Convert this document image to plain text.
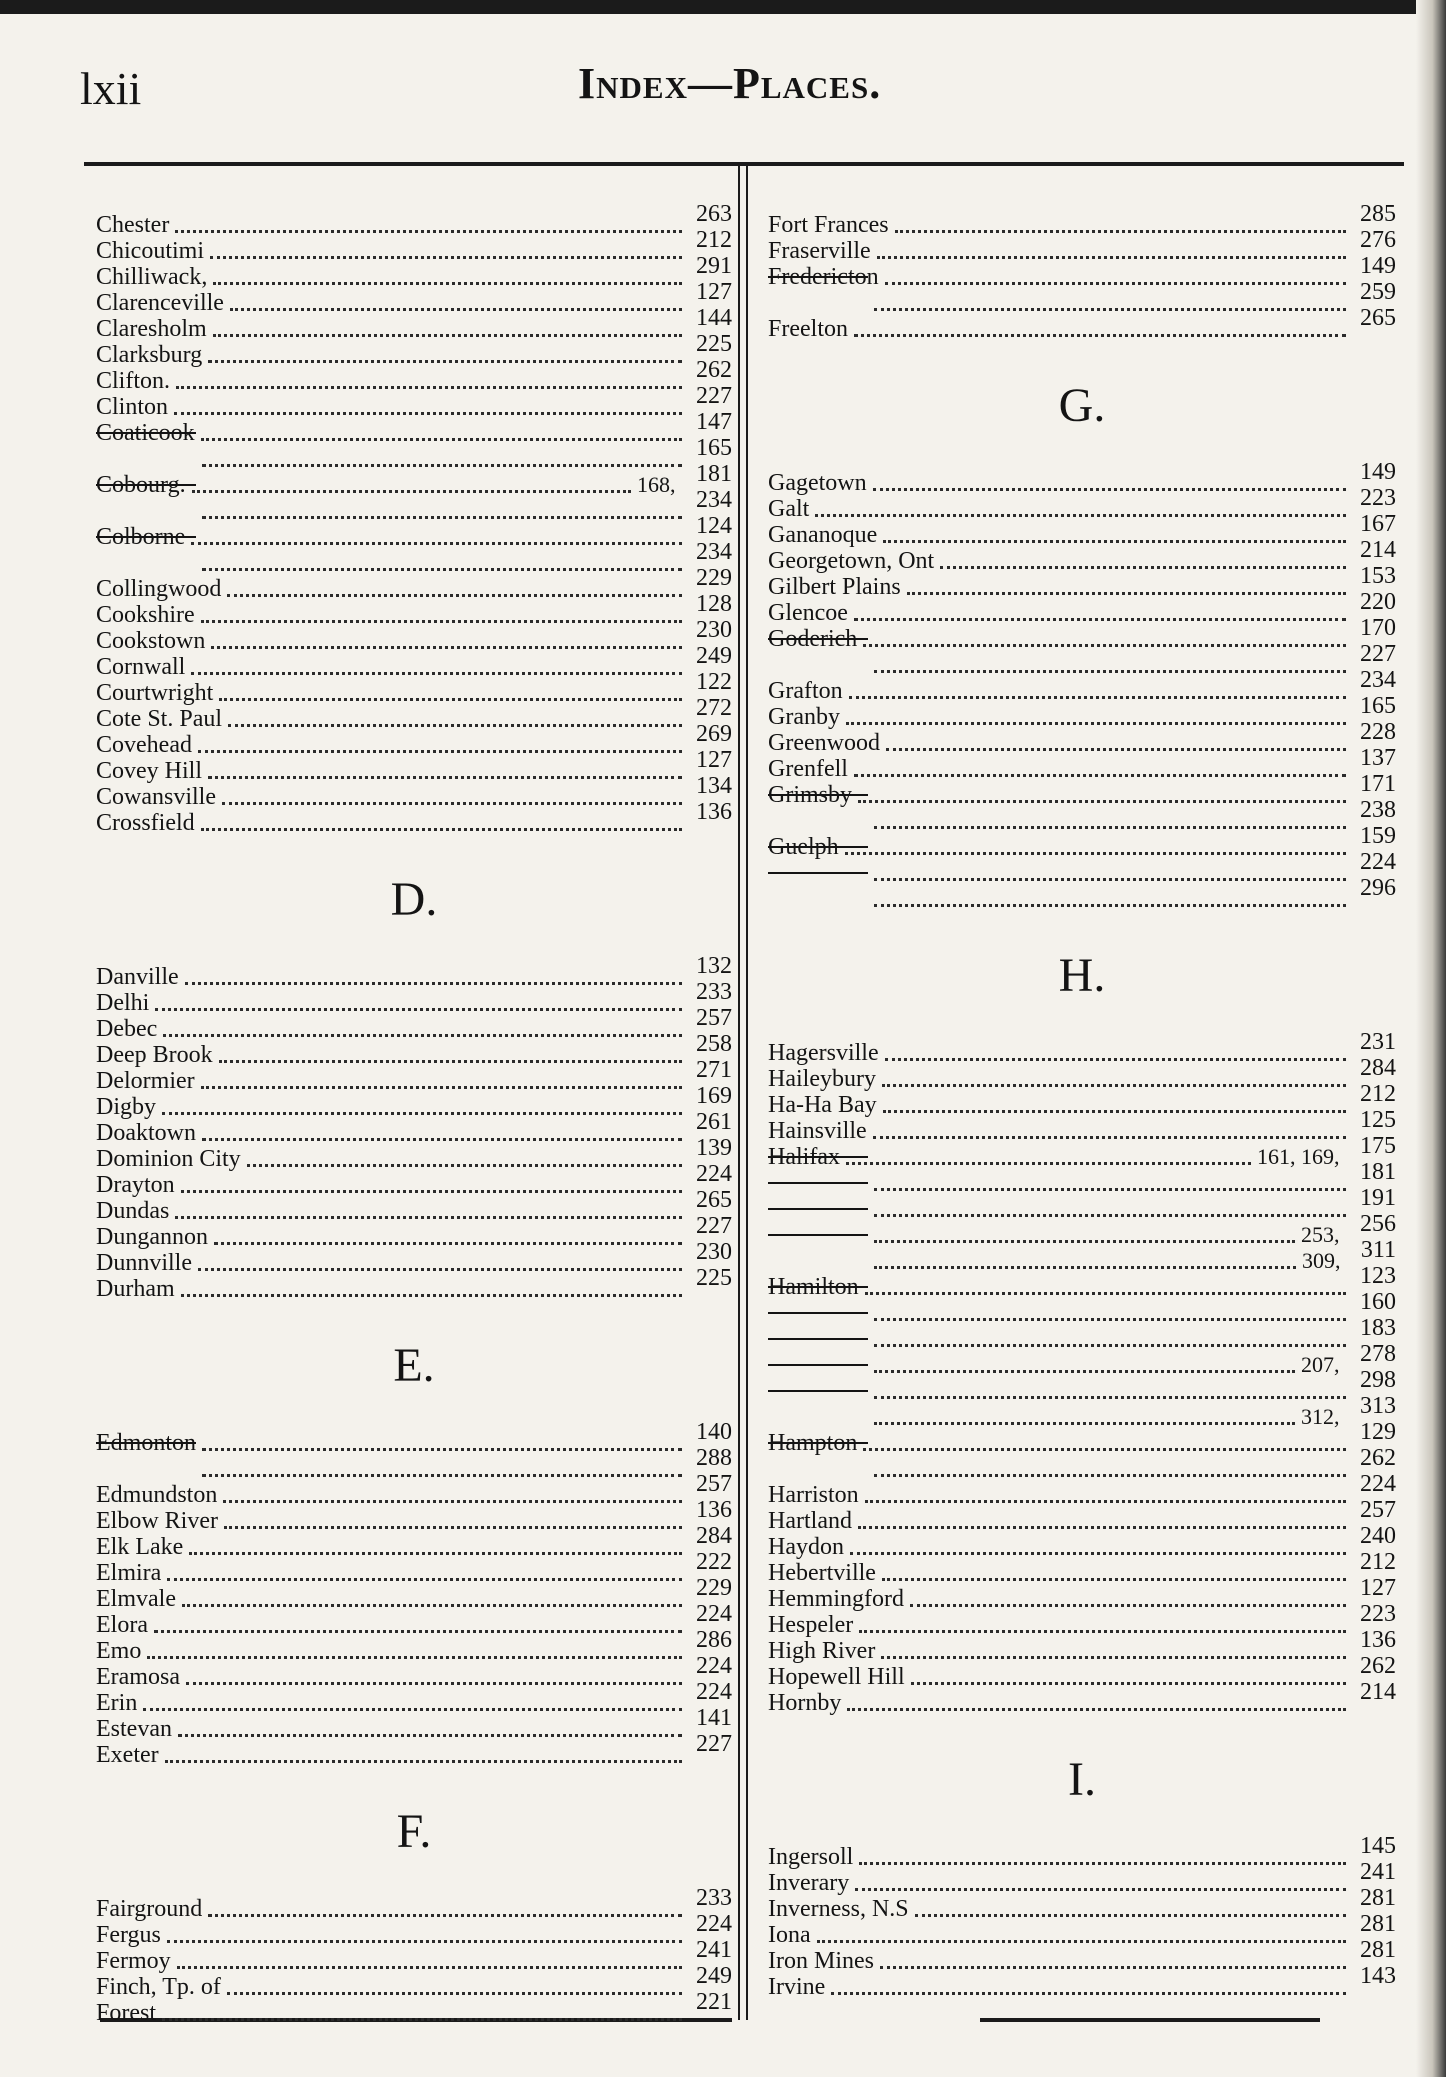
lxii	Index—Places.
Chester	263
Chicoutimi	212
Chilliwack,	291
Clarenceville	127
Claresholm	144
Clarksburg	225
Clifton.	262
Clinton	227
Coaticook	147
165
Cobourg.	168, 181
234
Colborne	124
234
Collingwood	229
Cookshire	128
Cookstown	230
Cornwall	249
Courtwright	122
Cote St. Paul	272
Covehead	269
Covey Hill	127
Cowansville	134
Crossfield	136
D.
Danville	132
Delhi	233
Debec	257
Deep Brook	258
Delormier	271
Digby	169
Doaktown	261
Dominion City	139
Drayton	224
Dundas	265
Dungannon	227
Dunnville	230
Durham	225
E.
Edmonton	140
288
Edmundston	257
Elbow River	136
Elk Lake	284
Elmira	222
Elmvale	229
Elora	224
Emo	286
Eramosa	224
Erin	224
Estevan	141
Exeter	227
F.
Fairground	233
Fergus	224
Fermoy	241
Finch, Tp. of	249
Forest	221
Fort Frances	285
Fraserville	276
Fredericton	149
259
Freelton	265
G.
Gagetown	149
Galt	223
Gananoque	167
Georgetown, Ont	214
Gilbert Plains	153
Glencoe	220
Goderich	170
227
Grafton	234
Granby	165
Greenwood	228
Grenfell	137
Grimsby	171
238
Guelph	159
224
296
H.
Hagersville	231
Haileybury	284
Ha-Ha Bay	212
Hainsville	125
Halifax	161, 169, 175
181
191
253, 256
309, 311
Hamilton	123
160
183
207, 278
298
312, 313
Hampton	129
262
Harriston	224
Hartland	257
Haydon	240
Hebertville	212
Hemmingford	127
Hespeler	223
High River	136
Hopewell Hill	262
Hornby	214
I.
Ingersoll	145
Inverary	241
Inverness, N.S	281
Iona	281
Iron Mines	281
Irvine	143
